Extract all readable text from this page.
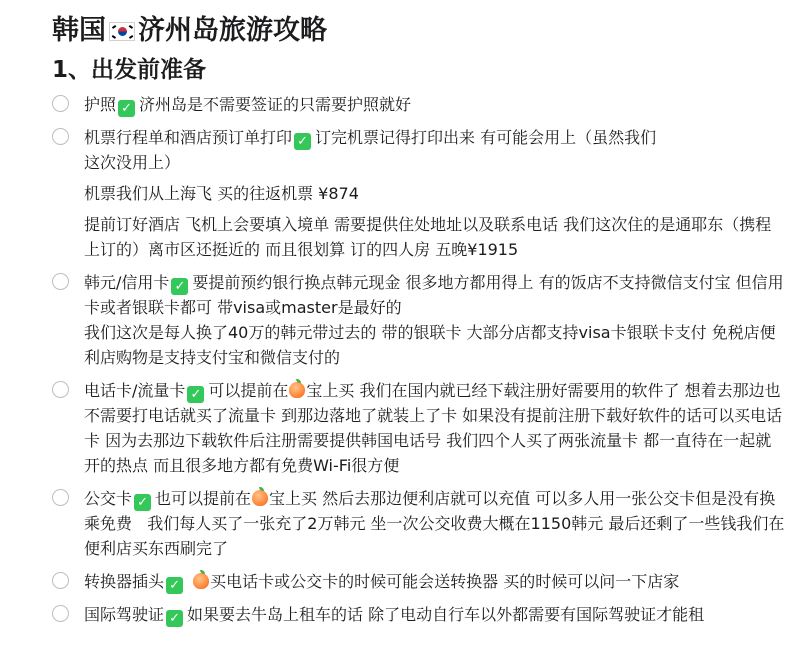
韩国 济州岛旅游攻略
1、出发前准备

护照 ✓ 济州岛是不需要签证的只需要护照就好

机票行程单和酒店预订单打印 ✓ 订完机票记得打印出来 有可能会用上（虽然我们
这次没用上）

机票我们从上海飞 买的往返机票 ¥874

提前订好酒店 飞机上会要填入境单 需要提供住处地址以及联系电话 我们这次住的是通耶东（携程上订的）离市区还挺近的 而且很划算 订的四人房 五晚¥1915

韩元/信用卡 ✓ 要提前预约银行换点韩元现金 很多地方都用得上 有的饭店不支持微信支付宝 但信用卡或者银联卡都可 带visa或master是最好的

我们这次是每人换了40万的韩元带过去的 带的银联卡 大部分店都支持visa卡银联卡支付 免税店便利店购物是支持支付宝和微信支付的

电话卡/流量卡 ✓ 可以提前在 宝上买 我们在国内就已经下载注册好需要用的软件了 想着去那边也不需要打电话就买了流量卡 到那边落地了就装上了卡 如果没有提前注册下载好软件的话可以买电话卡 因为去那边下载软件后注册需要提供韩国电话号 我们四个人买了两张流量卡 都一直待在一起就开的热点 而且很多地方都有免费Wi-Fi很方便

公交卡 ✓ 也可以提前在 宝上买 然后去那边便利店就可以充值 可以多人用一张公交卡但是没有换乘免费   我们每人买了一张充了2万韩元 坐一次公交收费大概在1150韩元 最后还剩了一些钱我们在便利店买东西刷完了

转换器插头 ✓ 买电话卡或公交卡的时候可能会送转换器 买的时候可以问一下店家

国际驾驶证 ✓ 如果要去牛岛上租车的话 除了电动自行车以外都需要有国际驾驶证才能租
